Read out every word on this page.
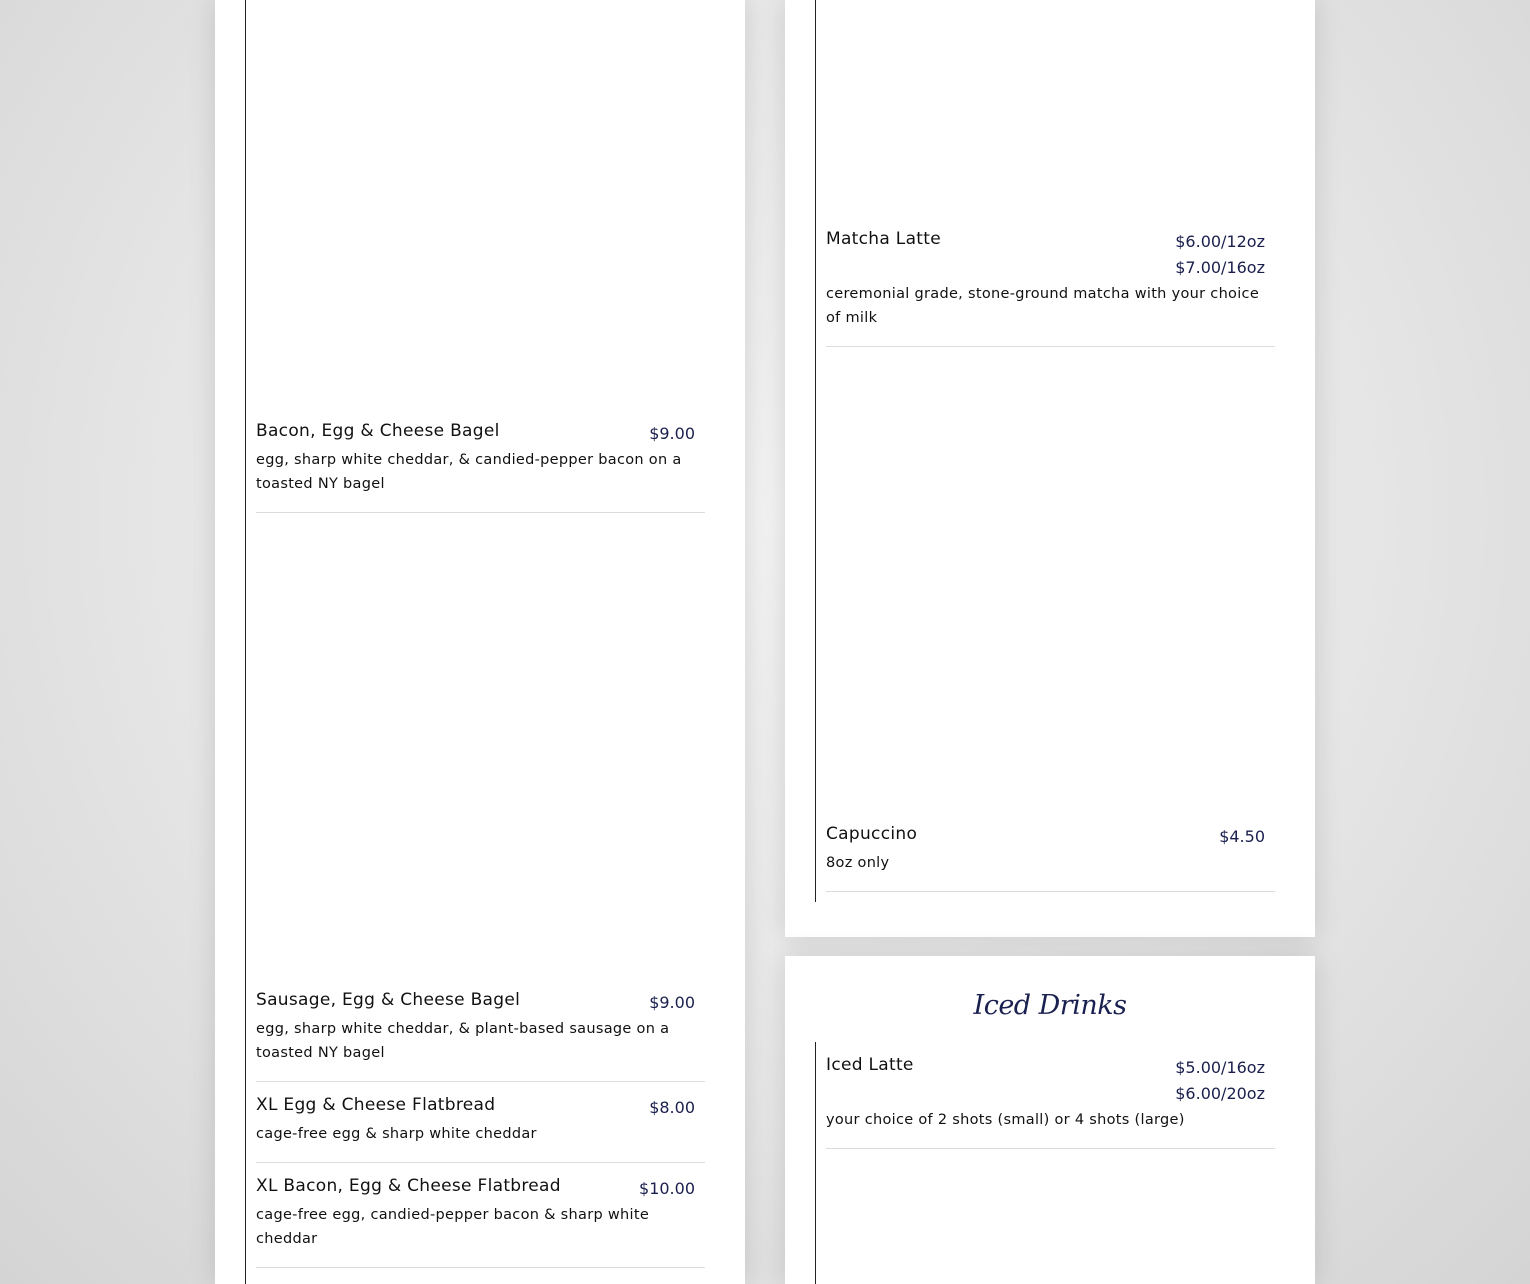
Bacon, Egg & Cheese Bagel	$9.00
egg, sharp white cheddar, & candied-pepper bacon on a toasted NY bagel
Sausage, Egg & Cheese Bagel	$9.00
egg, sharp white cheddar, & plant-based sausage on a toasted NY bagel
XL Egg & Cheese Flatbread	$8.00
cage-free egg & sharp white cheddar
XL Bacon, Egg & Cheese Flatbread	$10.00
cage-free egg, candied-pepper bacon & sharp white cheddar
Matcha Latte	$6.00/12oz
$7.00/16oz
ceremonial grade, stone-ground matcha with your choice of milk
Capuccino	$4.50
8oz only
Iced Drinks
Iced Latte	$5.00/16oz
$6.00/20oz
your choice of 2 shots (small) or 4 shots (large)
